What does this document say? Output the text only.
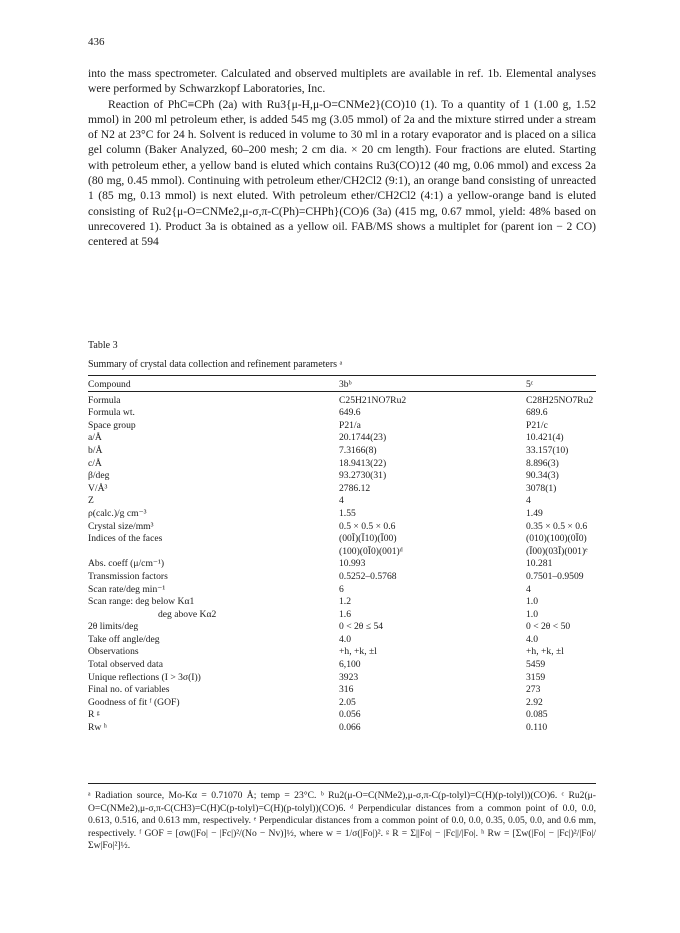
436

into the mass spectrometer. Calculated and observed multiplets are available in ref. 1b. Elemental analyses were performed by Schwarzkopf Laboratories, Inc.

Reaction of PhC≡CPh (2a) with Ru3{μ-H,μ-O=CNMe2}(CO)10 (1). To a quantity of 1 (1.00 g, 1.52 mmol) in 200 ml petroleum ether, is added 545 mg (3.05 mmol) of 2a and the mixture stirred under a stream of N2 at 23°C for 24 h. Solvent is reduced in volume to 30 ml in a rotary evaporator and is placed on a silica gel column (Baker Analyzed, 60–200 mesh; 2 cm dia. × 20 cm length). Four fractions are eluted. Starting with petroleum ether, a yellow band is eluted which contains Ru3(CO)12 (40 mg, 0.06 mmol) and excess 2a (80 mg, 0.45 mmol). Continuing with petroleum ether/CH2Cl2 (9:1), an orange band consisting of unreacted 1 (85 mg, 0.13 mmol) is next eluted. With petroleum ether/CH2Cl2 (4:1) a yellow-orange band is eluted consisting of Ru2{μ-O=CNMe2,μ-σ,π-C(Ph)=CHPh}(CO)6 (3a) (415 mg, 0.67 mmol, yield: 48% based on unrecovered 1). Product 3a is obtained as a yellow oil. FAB/MS shows a multiplet for (parent ion − 2 CO) centered at 594

Table 3
Summary of crystal data collection and refinement parameters ᵃ
Compound	3bᵇ	5ᶜ
Formula	C25H21NO7Ru2	C28H25NO7Ru2
Formula wt.	649.6	689.6
Space group	P21/a	P21/c
a/Å	20.1744(23)	10.421(4)
b/Å	7.3166(8)	33.157(10)
c/Å	18.9413(22)	8.896(3)
β/deg	93.2730(31)	90.34(3)
V/Å³	2786.12	3078(1)
Z	4	4
ρ(calc.)/g cm⁻³	1.55	1.49
Crystal size/mm³	0.5 × 0.5 × 0.6	0.35 × 0.5 × 0.6
Indices of the faces	(00Ī)(Ī10)(Ī00)	(010)(100)(0Ī0)
	(100)(0Ī0)(001)ᵈ	(Ī00)(03Ī)(001)ᵉ
Abs. coeff (μ/cm⁻¹)	10.993	10.281
Transmission factors	0.5252–0.5768	0.7501–0.9509
Scan rate/deg min⁻¹	6	4
Scan range: deg below Kα1	1.2	1.0
deg above Kα2	1.6	1.0
2θ limits/deg	0 < 2θ ≤ 54	0 < 2θ < 50
Take off angle/deg	4.0	4.0
Observations	+h, +k, ±l	+h, +k, ±l
Total observed data	6,100	5459
Unique reflections (I > 3σ(I))	3923	3159
Final no. of variables	316	273
Goodness of fit ᶠ (GOF)	2.05	2.92
R ᵍ	0.056	0.085
Rw ʰ	0.066	0.110

ᵃ Radiation source, Mo-Kα = 0.71070 Å; temp = 23°C. ᵇ Ru2(μ-O=C(NMe2),μ-σ,π-C(p-tolyl)=C(H)(p-tolyl))(CO)6. ᶜ Ru2(μ-O=C(NMe2),μ-σ,π-C(CH3)=C(H)C(p-tolyl)=C(H)(p-tolyl))(CO)6. ᵈ Perpendicular distances from a common point of 0.0, 0.0, 0.613, 0.516, and 0.613 mm, respectively. ᵉ Perpendicular distances from a common point of 0.0, 0.0, 0.35, 0.05, 0.0, and 0.6 mm, respectively. ᶠ GOF = [σw(|Fo| − |Fc|)²/(No − Nv)]½, where w = 1/σ(|Fo|)². ᵍ R = Σ||Fo| − |Fc||/|Fo|. ʰ Rw = [Σw(|Fo| − |Fc|)²/|Fo|/Σw|Fo|²]½.
